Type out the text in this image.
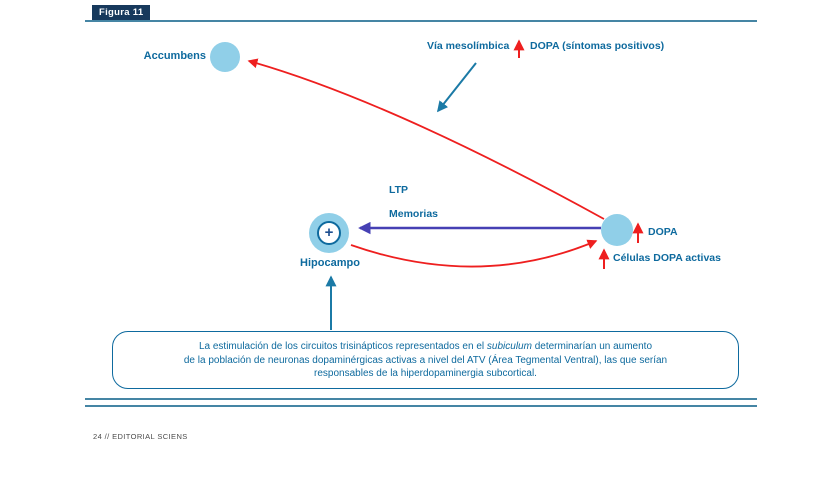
Figura 11
+
Accumbens
Vía mesolímbica DOPA (síntomas positivos)
LTP
Memorias
Hipocampo
DOPA
Células DOPA activas
La estimulación de los circuitos trisinápticos representados en el subiculum determinarían un aumento
de la población de neuronas dopaminérgicas activas a nivel del ATV (Área Tegmental Ventral), las que serían
responsables de la hiperdopaminergia subcortical.
24 // EDITORIAL SCIENS
